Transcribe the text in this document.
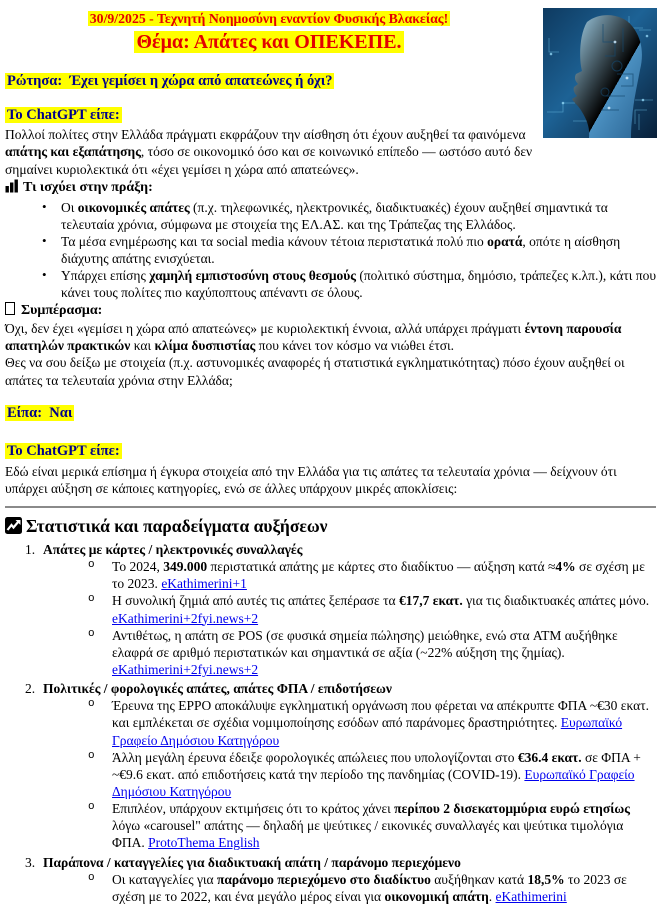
30/9/2025 - Τεχνητή Νοημοσύνη εναντίον Φυσικής Βλακείας!

Θέμα: Απάτες και ΟΠΕΚΕΠΕ.

Ρώτησα: Έχει γεμίσει η χώρα από απατεώνες ή όχι?

Το ChatGPT είπε:

Πολλοί πολίτες στην Ελλάδα πράγματι εκφράζουν την αίσθηση ότι έχουν αυξηθεί τα φαινόμενα απάτης και εξαπάτησης, τόσο σε οικονομικό όσο και σε κοινωνικό επίπεδο — ωστόσο αυτό δεν σημαίνει κυριολεκτικά ότι «έχει γεμίσει η χώρα από απατεώνες».

Τι ισχύει στην πράξη:

•	Οι οικονομικές απάτες (π.χ. τηλεφωνικές, ηλεκτρονικές, διαδικτυακές) έχουν αυξηθεί σημαντικά τα τελευταία χρόνια, σύμφωνα με στοιχεία της ΕΛ.ΑΣ. και της Τράπεζας της Ελλάδος.
•	Τα μέσα ενημέρωσης και τα social media κάνουν τέτοια περιστατικά πολύ πιο ορατά, οπότε η αίσθηση διάχυτης απάτης ενισχύεται.
•	Υπάρχει επίσης χαμηλή εμπιστοσύνη στους θεσμούς (πολιτικό σύστημα, δημόσιο, τράπεζες κ.λπ.), κάτι που κάνει τους πολίτες πιο καχύποπτους απέναντι σε όλους.

Συμπέρασμα:

Όχι, δεν έχει «γεμίσει η χώρα από απατεώνες» με κυριολεκτική έννοια, αλλά υπάρχει πράγματι έντονη παρουσία απατηλών πρακτικών και κλίμα δυσπιστίας που κάνει τον κόσμο να νιώθει έτσι.

Θες να σου δείξω με στοιχεία (π.χ. αστυνομικές αναφορές ή στατιστικά εγκληματικότητας) πόσο έχουν αυξηθεί οι απάτες τα τελευταία χρόνια στην Ελλάδα;

Είπα: Ναι

Το ChatGPT είπε:

Εδώ είναι μερικά επίσημα ή έγκυρα στοιχεία από την Ελλάδα για τις απάτες τα τελευταία χρόνια — δείχνουν ότι υπάρχει αύξηση σε κάποιες κατηγορίες, ενώ σε άλλες υπάρχουν μικρές αποκλίσεις:

Στατιστικά και παραδείγματα αυξήσεων

1. Απάτες με κάρτες / ηλεκτρονικές συναλλαγές
o	Το 2024, 349.000 περιστατικά απάτης με κάρτες στο διαδίκτυο — αύξηση κατά ≈4% σε σχέση με το 2023. eKathimerini+1
o	Η συνολική ζημιά από αυτές τις απάτες ξεπέρασε τα €17,7 εκατ. για τις διαδικτυακές απάτες μόνο. eKathimerini+2fyi.news+2
o	Αντιθέτως, η απάτη σε POS (σε φυσικά σημεία πώλησης) μειώθηκε, ενώ στα ATM αυξήθηκε ελαφρά σε αριθμό περιστατικών και σημαντικά σε αξία (~22% αύξηση της ζημίας). eKathimerini+2fyi.news+2
2. Πολιτικές / φορολογικές απάτες, απάτες ΦΠΑ / επιδοτήσεων
o	Έρευνα της EPPO αποκάλυψε εγκληματική οργάνωση που φέρεται να απέκρυπτε ΦΠΑ ~€30 εκατ. και εμπλέκεται σε σχέδια νομιμοποίησης εσόδων από παράνομες δραστηριότητες. Ευρωπαϊκό Γραφείο Δημόσιου Κατηγόρου
o	Άλλη μεγάλη έρευνα έδειξε φορολογικές απώλειες που υπολογίζονται στο €36.4 εκατ. σε ΦΠΑ + ~€9.6 εκατ. από επιδοτήσεις κατά την περίοδο της πανδημίας (COVID-19). Ευρωπαϊκό Γραφείο Δημόσιου Κατηγόρου
o	Επιπλέον, υπάρχουν εκτιμήσεις ότι το κράτος χάνει περίπου 2 δισεκατομμύρια ευρώ ετησίως λόγω «carousel" απάτης — δηλαδή με ψεύτικες / εικονικές συναλλαγές και ψεύτικα τιμολόγια ΦΠΑ. ProtoThema English
3. Παράπονα / καταγγελίες για διαδικτυακή απάτη / παράνομο περιεχόμενο
o	Οι καταγγελίες για παράνομο περιεχόμενο στο διαδίκτυο αυξήθηκαν κατά 18,5% το 2023 σε σχέση με το 2022, και ένα μεγάλο μέρος είναι για οικονομική απάτη. eKathimerini
